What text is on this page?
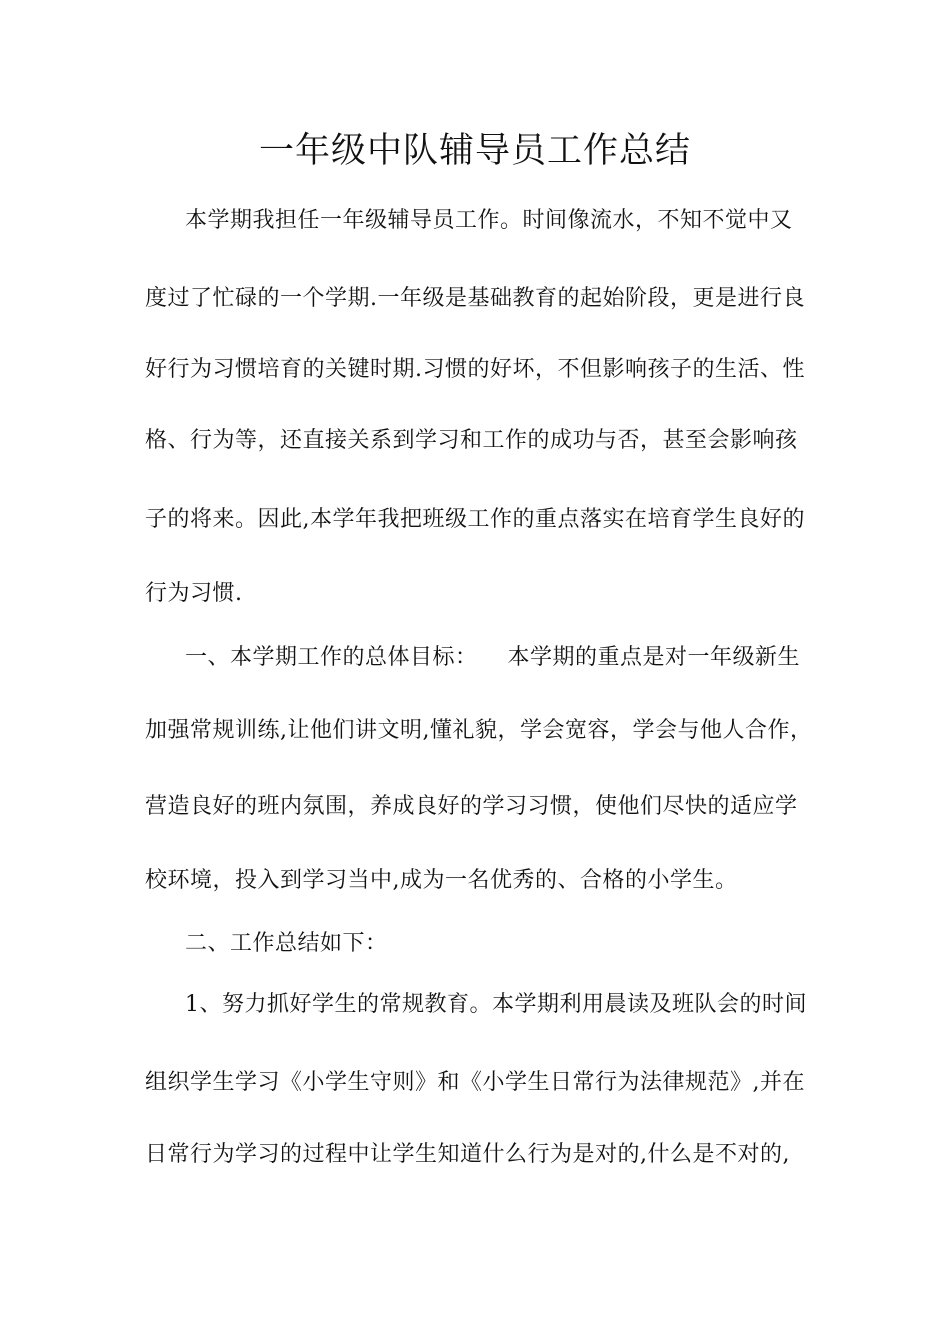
一年级中队辅导员工作总结
本学期我担任一年级辅导员工作。时间像流水，不知不觉中又
度过了忙碌的一个学期.一年级是基础教育的起始阶段，更是进行良
好行为习惯培育的关键时期.习惯的好坏，不但影响孩子的生活、性
格、行为等，还直接关系到学习和工作的成功与否，甚至会影响孩
子的将来。因此,本学年我把班级工作的重点落实在培育学生良好的
行为习惯.
一、本学期工作的总体目标： 本学期的重点是对一年级新生
加强常规训练,让他们讲文明,懂礼貌，学会宽容，学会与他人合作，
营造良好的班内氛围，养成良好的学习习惯，使他们尽快的适应学
校环境，投入到学习当中,成为一名优秀的、合格的小学生。
二、工作总结如下：
1、努力抓好学生的常规教育。本学期利用晨读及班队会的时间
组织学生学习《小学生守则》和《小学生日常行为法律规范》,并在
日常行为学习的过程中让学生知道什么行为是对的,什么是不对的,
